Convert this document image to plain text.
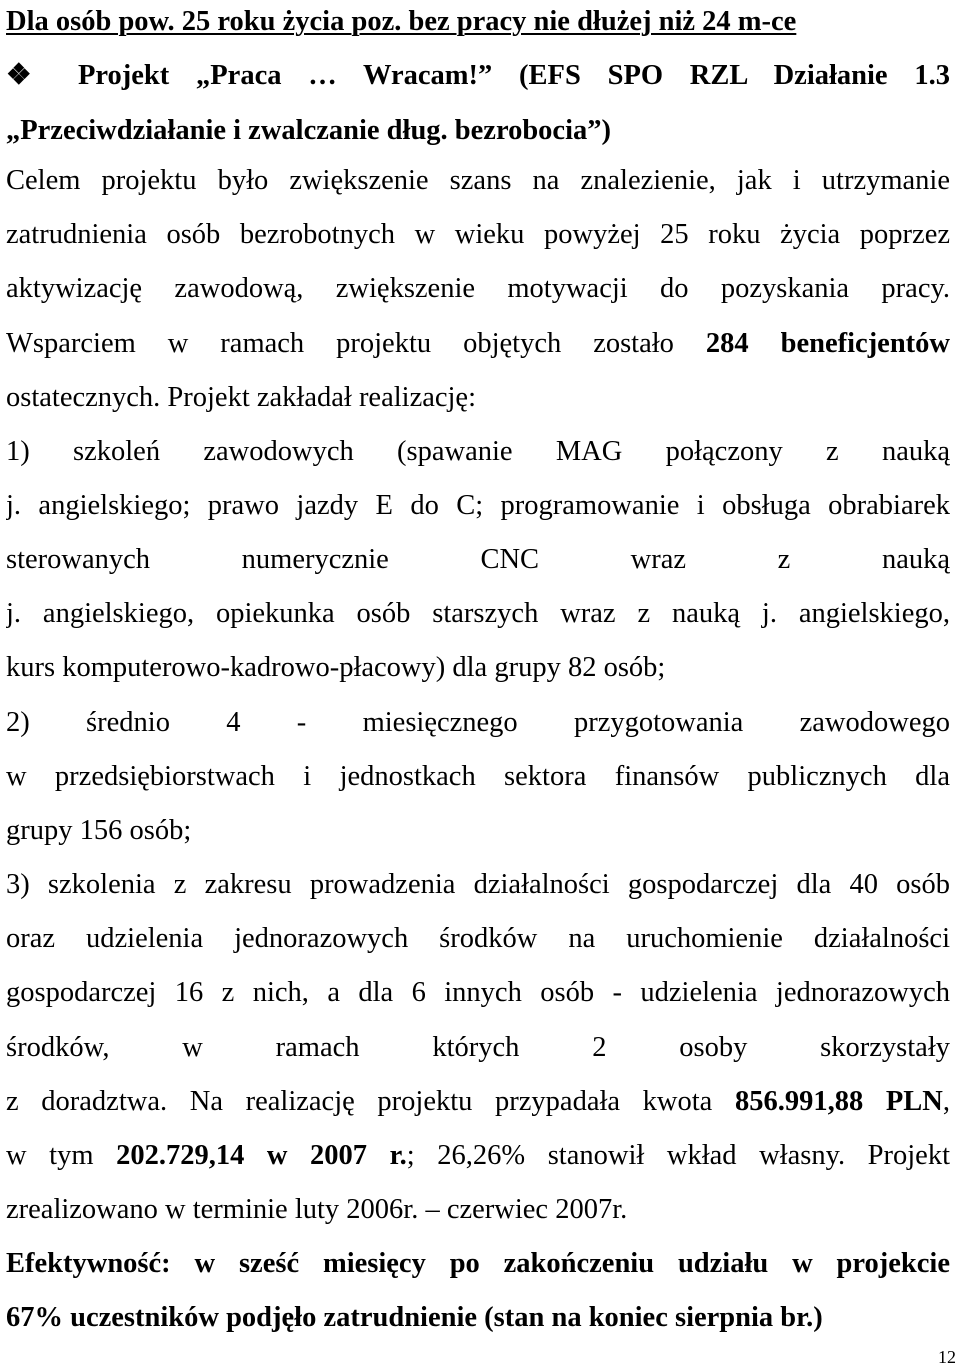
Dla osób pow. 25 roku życia poz. bez pracy nie dłużej niż 24 m-ce
❖ Projekt „Praca … Wracam!” (EFS SPO RZL Działanie 1.3
„Przeciwdziałanie i zwalczanie dług. bezrobocia”)
Celem projektu było zwiększenie szans na znalezienie, jak i utrzymanie
zatrudnienia osób bezrobotnych w wieku powyżej 25 roku życia poprzez
aktywizację zawodową, zwiększenie motywacji do pozyskania pracy.
Wsparciem w ramach projektu objętych zostało 284 beneficjentów
ostatecznych. Projekt zakładał realizację:
1) szkoleń zawodowych (spawanie MAG połączony z nauką
j. angielskiego; prawo jazdy E do C; programowanie i obsługa obrabiarek
sterowanych numerycznie CNC wraz z nauką
j. angielskiego, opiekunka osób starszych wraz z nauką j. angielskiego,
kurs komputerowo-kadrowo-płacowy) dla grupy 82 osób;
2) średnio 4 - miesięcznego przygotowania zawodowego
w przedsiębiorstwach i jednostkach sektora finansów publicznych dla
grupy 156 osób;
3) szkolenia z zakresu prowadzenia działalności gospodarczej dla 40 osób
oraz udzielenia jednorazowych środków na uruchomienie działalności
gospodarczej 16 z nich, a dla 6 innych osób - udzielenia jednorazowych
środków, w ramach których 2 osoby skorzystały
z doradztwa. Na realizację projektu przypadała kwota 856.991,88 PLN,
w tym 202.729,14 w 2007 r.; 26,26% stanowił wkład własny. Projekt
zrealizowano w terminie luty 2006r. – czerwiec 2007r.
Efektywność: w sześć miesięcy po zakończeniu udziału w projekcie
67% uczestników podjęło zatrudnienie (stan na koniec sierpnia br.)
12
